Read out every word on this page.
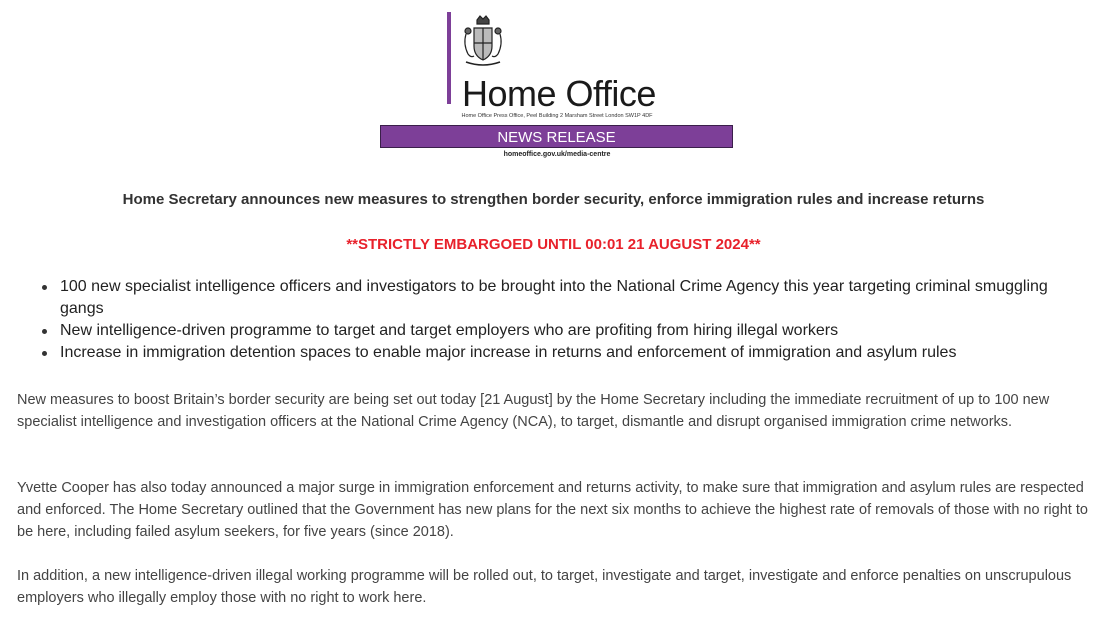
Home Office
Home Office Press Office, Peel Building 2 Marsham Street London SW1P 4DF
NEWS RELEASE
homeoffice.gov.uk/media-centre
Home Secretary announces new measures to strengthen border security, enforce immigration rules and increase returns
**STRICTLY EMBARGOED UNTIL 00:01 21 AUGUST 2024**
100 new specialist intelligence officers and investigators to be brought into the National Crime Agency this year targeting criminal smuggling gangs
New intelligence-driven programme to target and target employers who are profiting from hiring illegal workers
Increase in immigration detention spaces to enable major increase in returns and enforcement of immigration and asylum rules

New measures to boost Britain’s border security are being set out today [21 August] by the Home Secretary including the immediate recruitment of up to 100 new specialist intelligence and investigation officers at the National Crime Agency (NCA), to target, dismantle and disrupt organised immigration crime networks.

Yvette Cooper has also today announced a major surge in immigration enforcement and returns activity, to make sure that immigration and asylum rules are respected and enforced. The Home Secretary outlined that the Government has new plans for the next six months to achieve the highest rate of removals of those with no right to be here, including failed asylum seekers, for five years (since 2018).

In addition, a new intelligence-driven illegal working programme will be rolled out, to target, investigate and target, investigate and enforce penalties on unscrupulous employers who illegally employ those with no right to work here.
